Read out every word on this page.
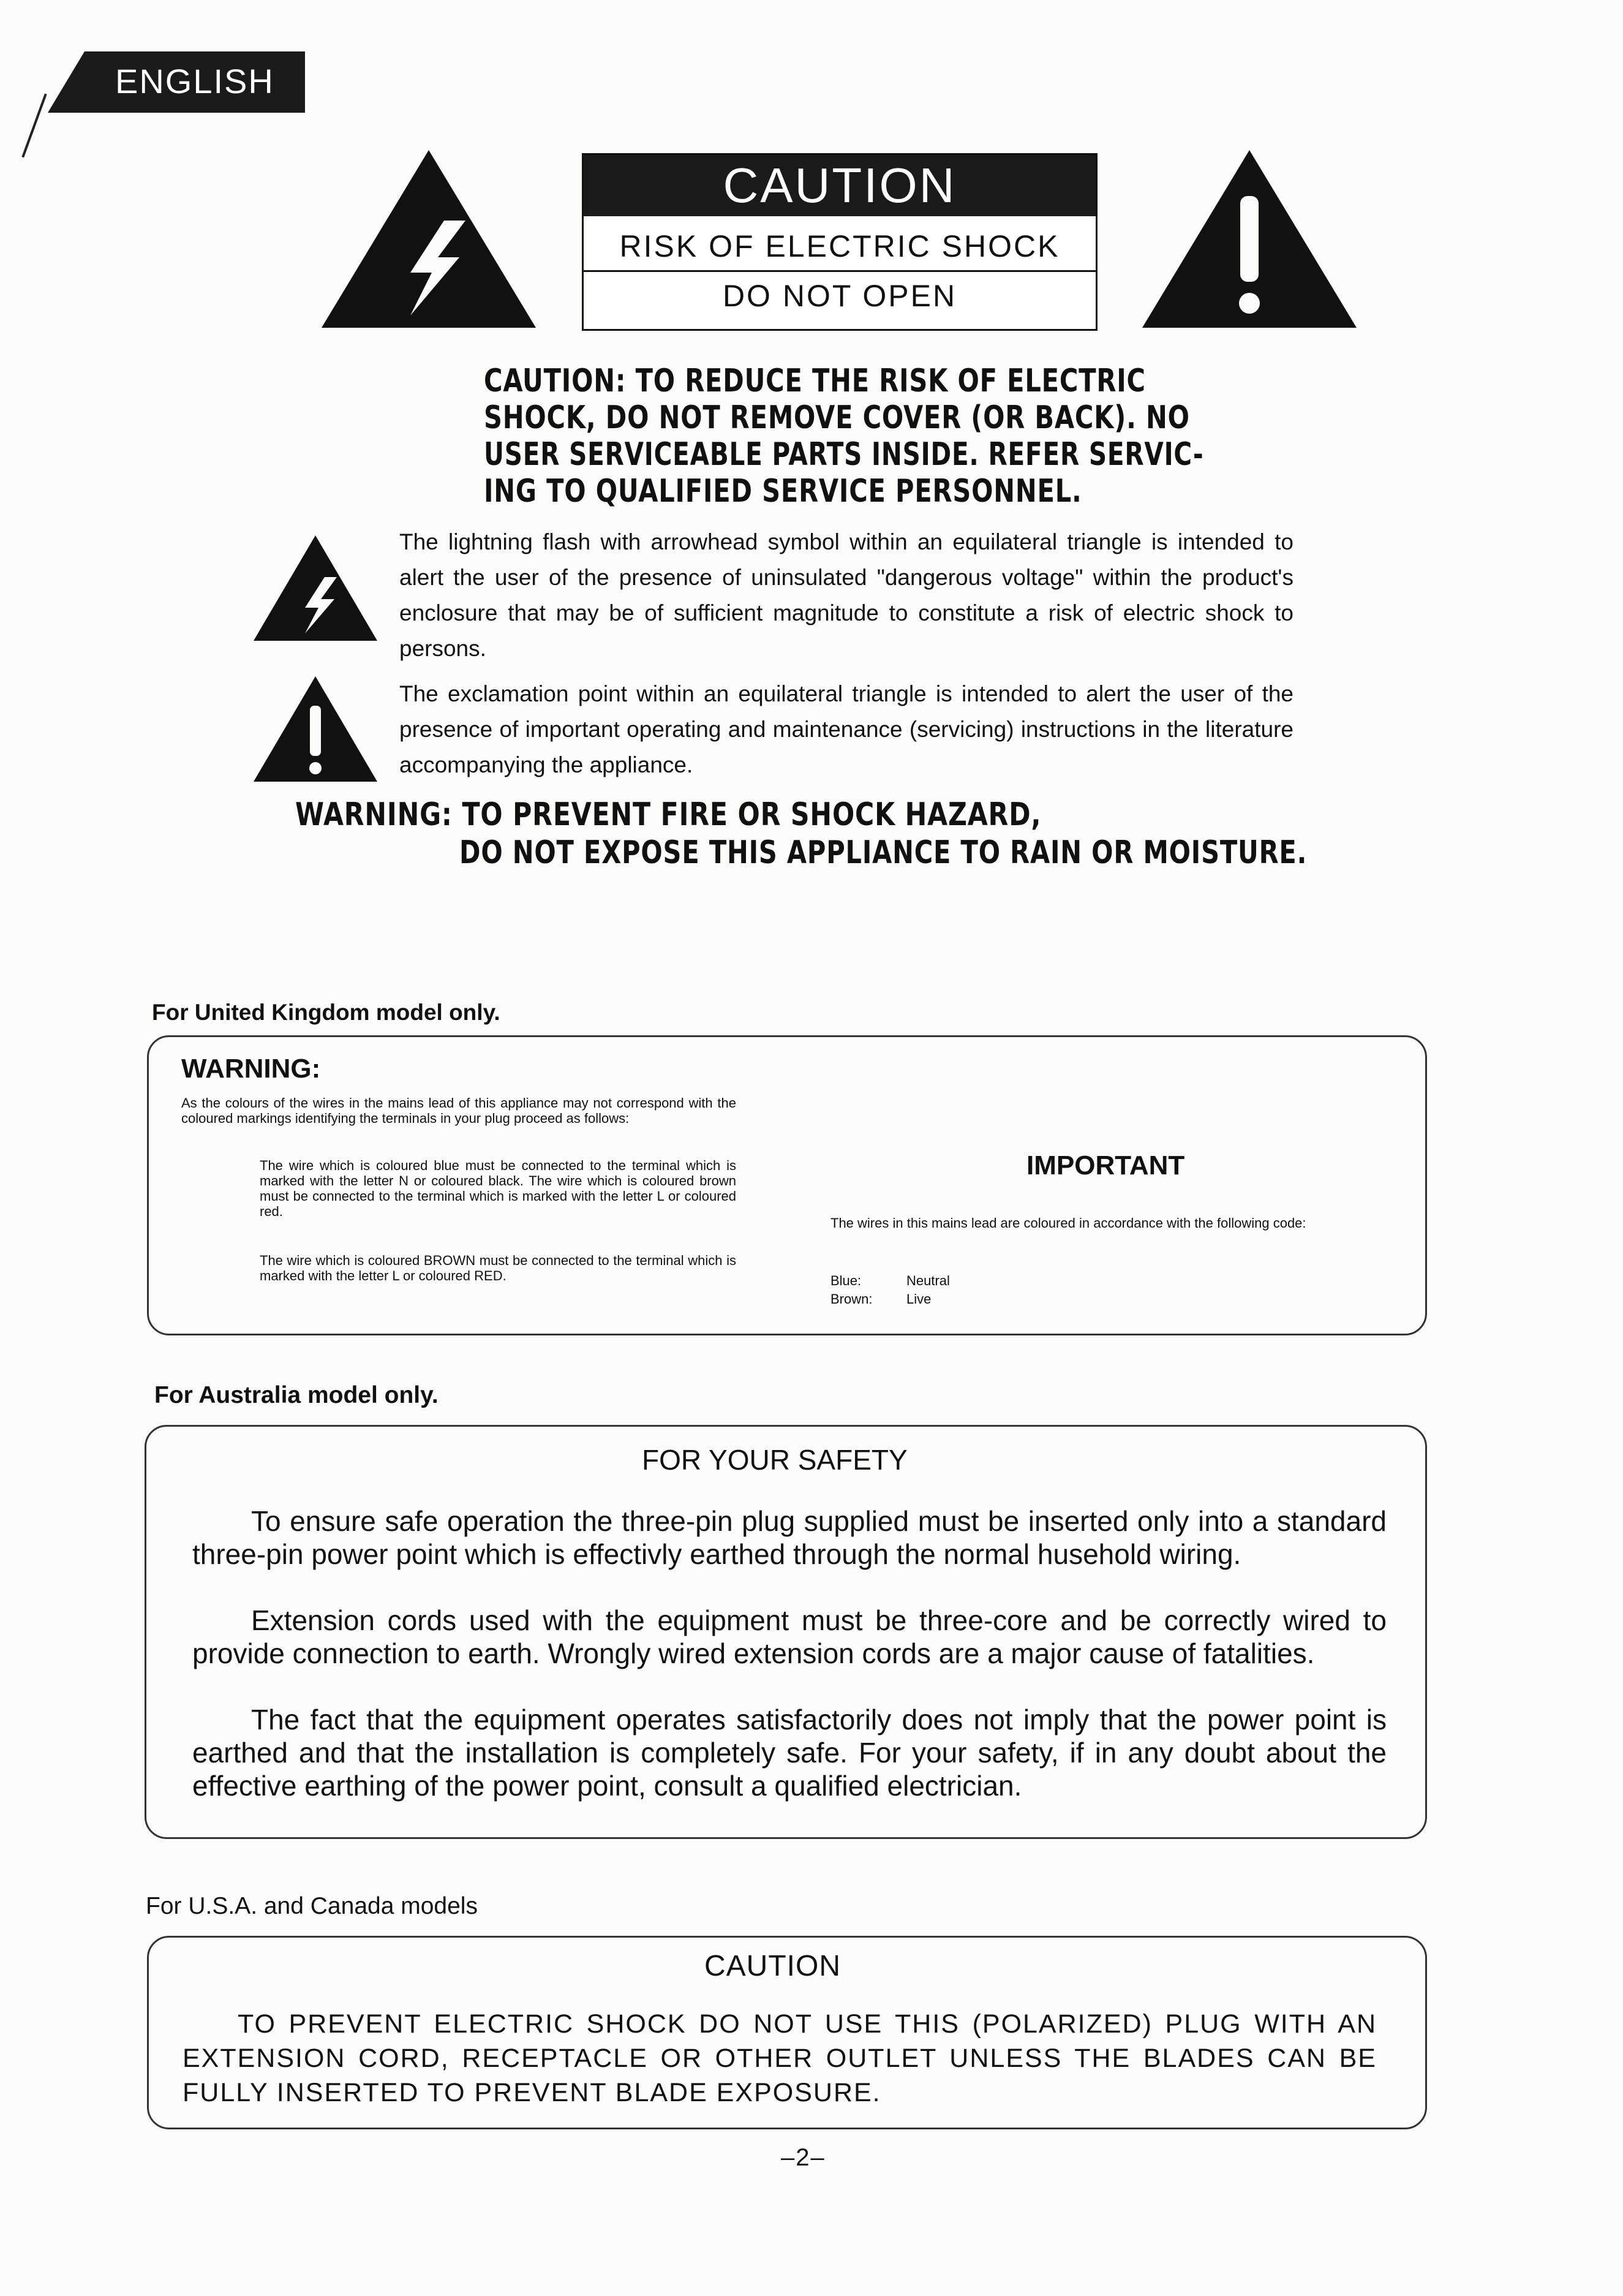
ENGLISH
CAUTION
RISK OF ELECTRIC SHOCK
DO NOT OPEN
CAUTION: TO REDUCE THE RISK OF ELECTRIC
SHOCK, DO NOT REMOVE COVER (OR BACK). NO
USER SERVICEABLE PARTS INSIDE. REFER SERVIC-
ING TO QUALIFIED SERVICE PERSONNEL.
The lightning flash with arrowhead symbol within an equilateral triangle is intended to alert the user of the presence of uninsulated "dangerous voltage" within the product's enclosure that may be of sufficient magnitude to constitute a risk of electric shock to persons.
The exclamation point within an equilateral triangle is intended to alert the user of the presence of important operating and maintenance (servicing) instructions in the literature accompanying the appliance.
WARNING: TO PREVENT FIRE OR SHOCK HAZARD,
DO NOT EXPOSE THIS APPLIANCE TO RAIN OR MOISTURE.
For United Kingdom model only.
WARNING:
As the colours of the wires in the mains lead of this appliance may not correspond with the coloured markings identifying the terminals in your plug proceed as follows:
The wire which is coloured blue must be connected to the terminal which is marked with the letter N or coloured black. The wire which is coloured brown must be connected to the terminal which is marked with the letter L or coloured red.
The wire which is coloured BROWN must be connected to the terminal which is marked with the letter L or coloured RED.
IMPORTANT
The wires in this mains lead are coloured in accordance with the following code:
Blue:	Neutral
Brown:	Live
For Australia model only.
FOR YOUR SAFETY
To ensure safe operation the three-pin plug supplied must be inserted only into a standard three-pin power point which is effectivly earthed through the normal husehold wiring.
Extension cords used with the equipment must be three-core and be correctly wired to provide connection to earth. Wrongly wired extension cords are a major cause of fatalities.
The fact that the equipment operates satisfactorily does not imply that the power point is earthed and that the installation is completely safe. For your safety, if in any doubt about the effective earthing of the power point, consult a qualified electrician.
For U.S.A. and Canada models
CAUTION
TO PREVENT ELECTRIC SHOCK DO NOT USE THIS (POLARIZED) PLUG WITH AN EXTENSION CORD, RECEPTACLE OR OTHER OUTLET UNLESS THE BLADES CAN BE FULLY INSERTED TO PREVENT BLADE EXPOSURE.
–2–
